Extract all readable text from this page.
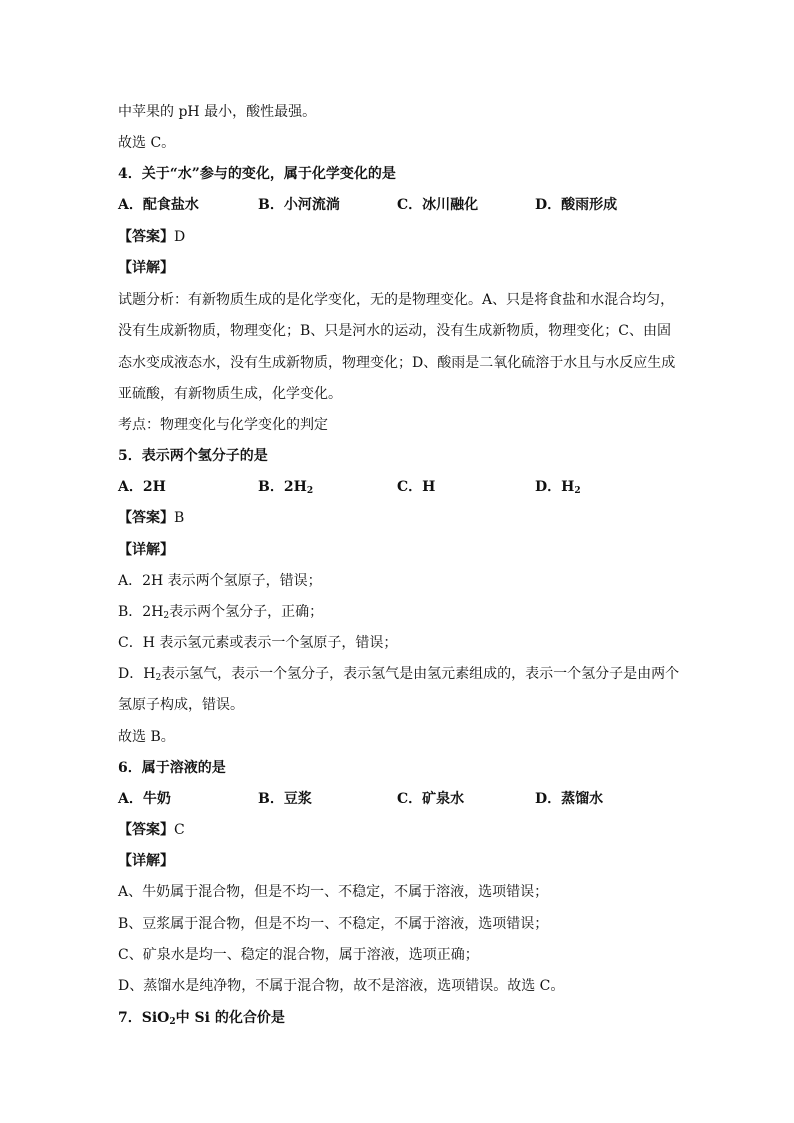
中苹果的 pH 最小，酸性最强。
故选 C。
4．关于“水”参与的变化，属于化学变化的是
A．配食盐水	B．小河流淌	C．冰川融化	D．酸雨形成
【答案】D
【详解】
试题分析：有新物质生成的是化学变化，无的是物理变化。A、只是将食盐和水混合均匀，
没有生成新物质，物理变化；B、只是河水的运动，没有生成新物质，物理变化；C、由固
态水变成液态水，没有生成新物质，物理变化；D、酸雨是二氧化硫溶于水且与水反应生成
亚硫酸，有新物质生成，化学变化。
考点：物理变化与化学变化的判定
5．表示两个氢分子的是
A．2H	B．$2H_2$	C．H	D．$H_2$
【答案】B
【详解】
A．2H 表示两个氢原子，错误；
B．$2H_2$表示两个氢分子，正确；
C．H 表示氢元素或表示一个氢原子，错误；
D．$H_2$表示氢气，表示一个氢分子，表示氢气是由氢元素组成的，表示一个氢分子是由两个
氢原子构成，错误。
故选 B。
6．属于溶液的是
A．牛奶	B．豆浆	C．矿泉水	D．蒸馏水
【答案】C
【详解】
A、牛奶属于混合物，但是不均一、不稳定，不属于溶液，选项错误；
B、豆浆属于混合物，但是不均一、不稳定，不属于溶液，选项错误；
C、矿泉水是均一、稳定的混合物，属于溶液，选项正确；
D、蒸馏水是纯净物，不属于混合物，故不是溶液，选项错误。故选 C。
7．SiO$_2$中 Si 的化合价是
